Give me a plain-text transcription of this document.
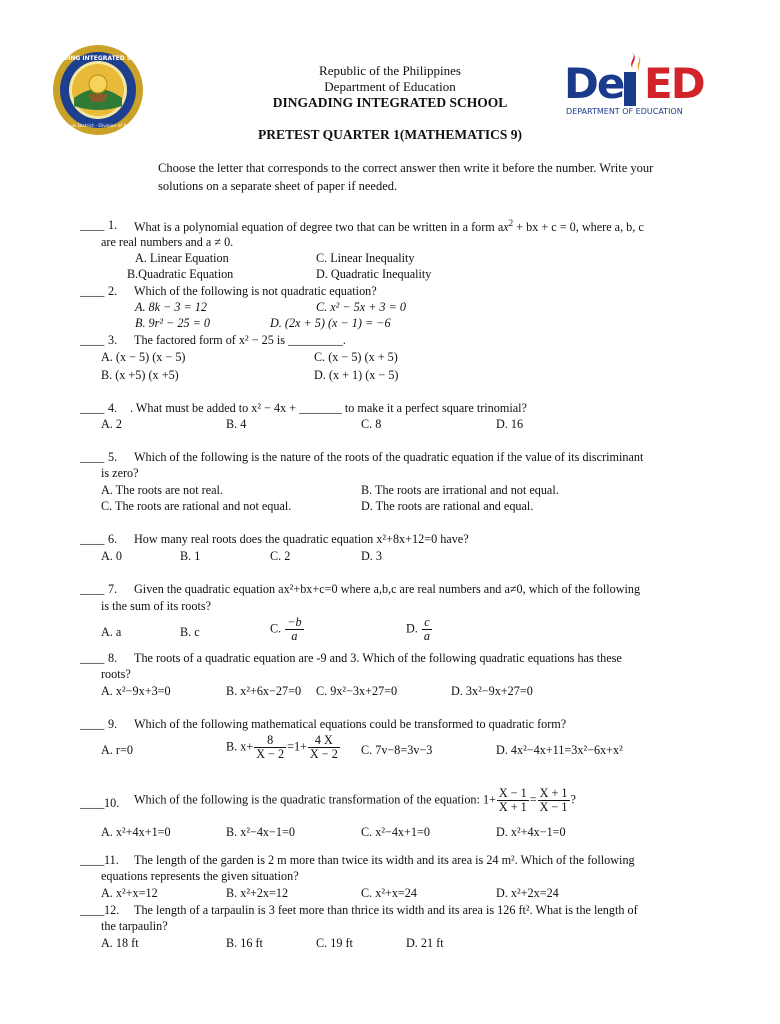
DINGADING INTEGRATED SCHOOL
San Luis District - Division of Aurora
De ED
DEPARTMENT OF EDUCATION
Republic of the Philippines
Department of Education
DINGADING INTEGRATED SCHOOL
PRETEST QUARTER 1(MATHEMATICS 9)
Choose the letter that corresponds to the correct answer then write it before the number. Write your
solutions on a separate sheet of paper if needed.
____ 1. What is a polynomial equation of degree two that can be written in a form $ax^2$ + bx + c = 0, where a, b, c
are real numbers and a ≠ 0.
A. Linear Equation	C. Linear Inequality
B.Quadratic Equation	D. Quadratic Inequality
____ 2. Which of the following is not quadratic equation?
A. 8k − 3 = 12	C. x² − 5x + 3 = 0
B. 9r² − 25 = 0	D. (2x + 5) (x − 1) = −6
____ 3. The factored form of x² − 25 is _________.
A. (x − 5) (x − 5)	C. (x − 5) (x + 5)
B. (x +5) (x +5)	D. (x + 1) (x − 5)
____ 4. . What must be added to x² − 4x + _______ to make it a perfect square trinomial?
A. 2	B. 4	C. 8	D. 16
____ 5. Which of the following is the nature of the roots of the quadratic equation if the value of its discriminant
is zero?
A. The roots are not real.	B. The roots are irrational and not equal.
C. The roots are rational and not equal.	D. The roots are rational and equal.
____ 6. How many real roots does the quadratic equation x²+8x+12=0 have?
A. 0	B. 1	C. 2	D. 3
____ 7. Given the quadratic equation ax²+bx+c=0 where a,b,c are real numbers and a≠0, which of the following
is the sum of its roots?
A. a	B. c	C. $\frac{-b}{a}$	D. $\frac{c}{a}$
____ 8. The roots of a quadratic equation are -9 and 3. Which of the following quadratic equations has these
roots?
A. x²−9x+3=0	B. x²+6x−27=0 C. 9x²−3x+27=0	D. 3x²−9x+27=0
____ 9. Which of the following mathematical equations could be transformed to quadratic form?
A. r=0	B. $x+ \frac{8}{X - 2} =1+ \frac{4 X}{X - 2} C$. 7v−8=3v−3	D. 4x²−4x+11=3x²−6x+x²
____ 10. Which of the following is the quadratic transformation of the equation: $1+ \frac{X - 1}{X + 1} = \frac{X + 1}{X - 1}$ ?
A. x²+4x+1=0	B. x²−4x−1=0	C. x²−4x+1=0	D. x²+4x−1=0
____ 11. The length of the garden is 2 m more than twice its width and its area is 24 m². Which of the following
equations represents the given situation?
A. x²+x=12	B. x²+2x=12	C. x²+x=24	D. x²+2x=24
____ 12. The length of a tarpaulin is 3 feet more than thrice its width and its area is 126 ft². What is the length of
the tarpaulin?
A. 18 ft	B. 16 ft	C. 19 ft	D. 21 ft
